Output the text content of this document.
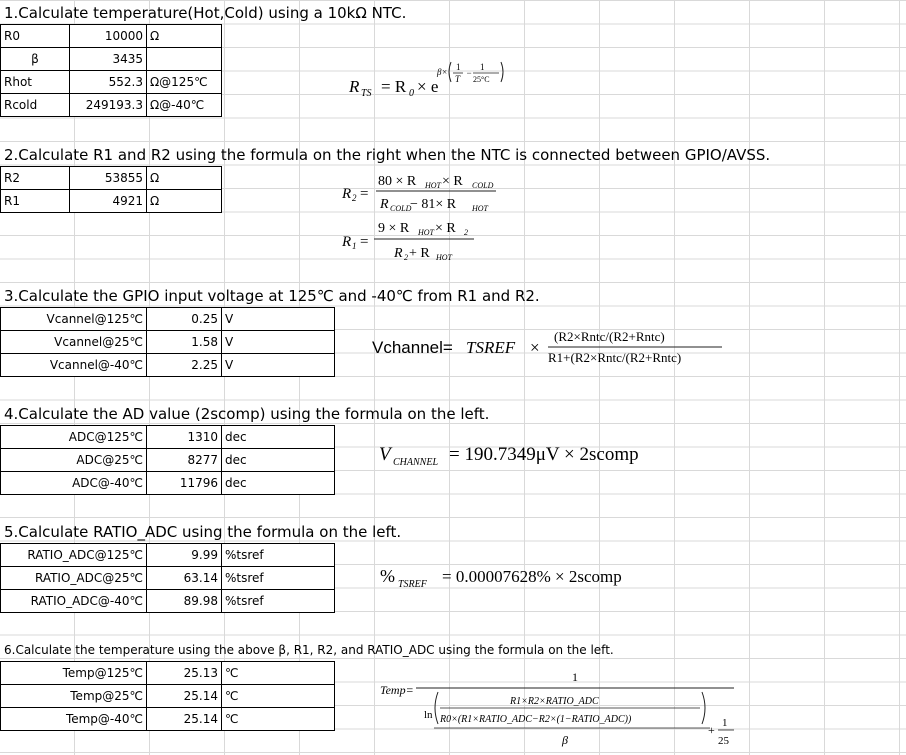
1.Calculate temperature(Hot,Cold) using a 10kΩ NTC.
R0	10000	Ω
β	3435	
Rhot	552.3	Ω@125℃
Rcold	249193.3	Ω@-40℃
R TS = R 0 × e
β× 1
T
−
1
25°C
2.Calculate R1 and R2 using the formula on the right when the NTC is connected between GPIO/AVSS.
R2	53855	Ω
R1	4921	Ω	R 2 =
80 × R HOT × R COLD
R COLD
− 81× R HOT
R 1 =
9 × R HOT × R 2
R 2 + R HOT
3.Calculate the GPIO input voltage at 125℃ and -40℃ from R1 and R2.
Vcannel@125℃	0.25	V
Vcannel@25℃	1.58	V
Vcannel@-40℃	2.25	V
Vchannel= TSREF ×
(R2×Rntc/(R2+Rntc)
R1+(R2×Rntc/(R2+Rntc)
4.Calculate the AD value (2scomp) using the formula on the left.
ADC@125℃	1310	dec
ADC@25℃	8277	dec
ADC@-40℃	11796	dec
V CHANNEL = 190.7349μV × 2scomp
5.Calculate RATIO_ADC using the formula on the left.
RATIO_ADC@125℃	9.99	%tsref
RATIO_ADC@25℃	63.14	%tsref
RATIO_ADC@-40℃	89.98	%tsref
% TSREF = 0.00007628% × 2scomp
6.Calculate the temperature using the above β, R1, R2, and RATIO_ADC using the formula on the left.
Temp@125℃	25.13	℃
Temp@25℃	25.14	℃
Temp@-40℃	25.14	℃
Temp=
1
ln
R1×R2×RATIO_ADC
R0×(R1×RATIO_ADC−R2×(1−RATIO_ADC))
β
+ 1
25
